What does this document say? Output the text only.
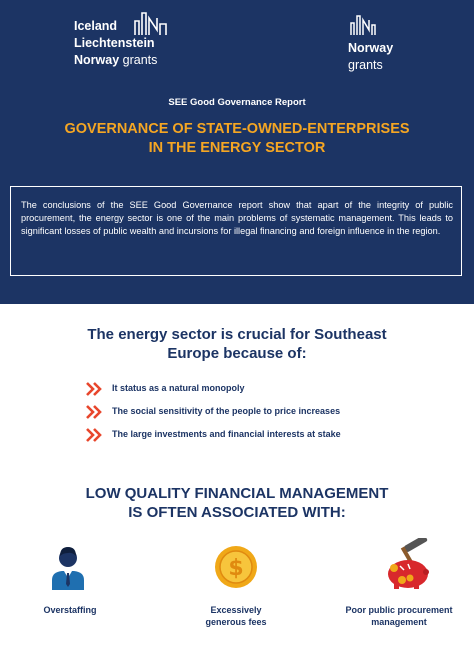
Iceland
Liechtenstein
Norway grants
Norway
grants
SEE Good Governance Report
GOVERNANCE OF STATE-OWNED-ENTERPRISES
IN THE ENERGY SECTOR
The conclusions of the SEE Good Governance report show that apart of the integrity of public procurement, the energy sector is one of the main problems of systematic management. This leads to significant losses of public wealth and incursions for illegal financing and foreign influence in the region.
The energy sector is crucial for Southeast
Europe because of:
It status as a natural monopoly
The social sensitivity of the people to price increases
The large investments and financial interests at stake
LOW QUALITY FINANCIAL MANAGEMENT
IS OFTEN ASSOCIATED WITH:
$
Overstaffing	Excessively
generous fees
Poor public procurement
management
